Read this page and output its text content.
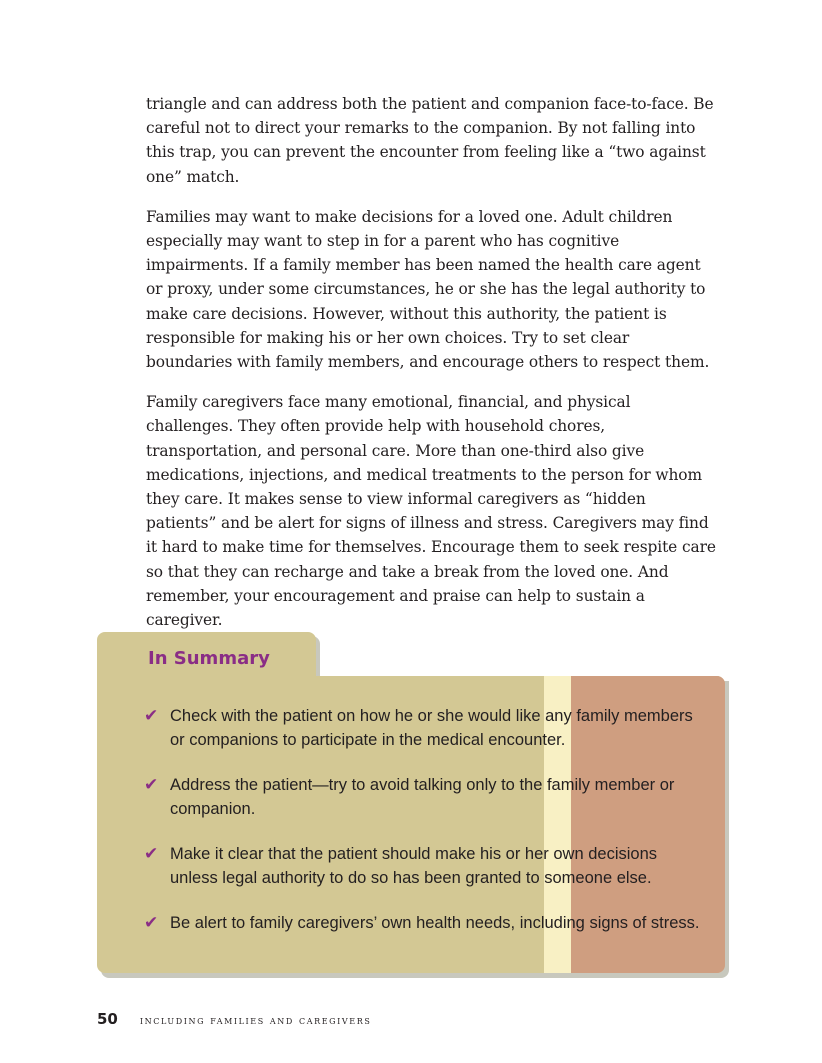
triangle and can address both the patient and companion face-to-face. Be careful not to direct your remarks to the companion. By not falling into this trap, you can prevent the encounter from feeling like a “two against one” match.

Families may want to make decisions for a loved one. Adult children especially may want to step in for a parent who has cognitive impairments. If a family member has been named the health care agent or proxy, under some circumstances, he or she has the legal authority to make care decisions. However, without this authority, the patient is responsible for making his or her own choices. Try to set clear boundaries with family members, and encourage others to respect them.

Family caregivers face many emotional, financial, and physical challenges. They often provide help with household chores, transportation, and personal care. More than one-third also give medications, injections, and medical treatments to the person for whom they care. It makes sense to view informal caregivers as “hidden patients” and be alert for signs of illness and stress. Caregivers may find it hard to make time for themselves. Encourage them to seek respite care so that they can recharge and take a break from the loved one. And remember, your encouragement and praise can help to sustain a caregiver.

In Summary
✔ Check with the patient on how he or she would like any family members or companions to participate in the medical encounter.
✔ Address the patient—try to avoid talking only to the family member or companion.
✔ Make it clear that the patient should make his or her own decisions unless legal authority to do so has been granted to someone else.
✔ Be alert to family caregivers’ own health needs, including signs of stress.
50 including families and caregivers
